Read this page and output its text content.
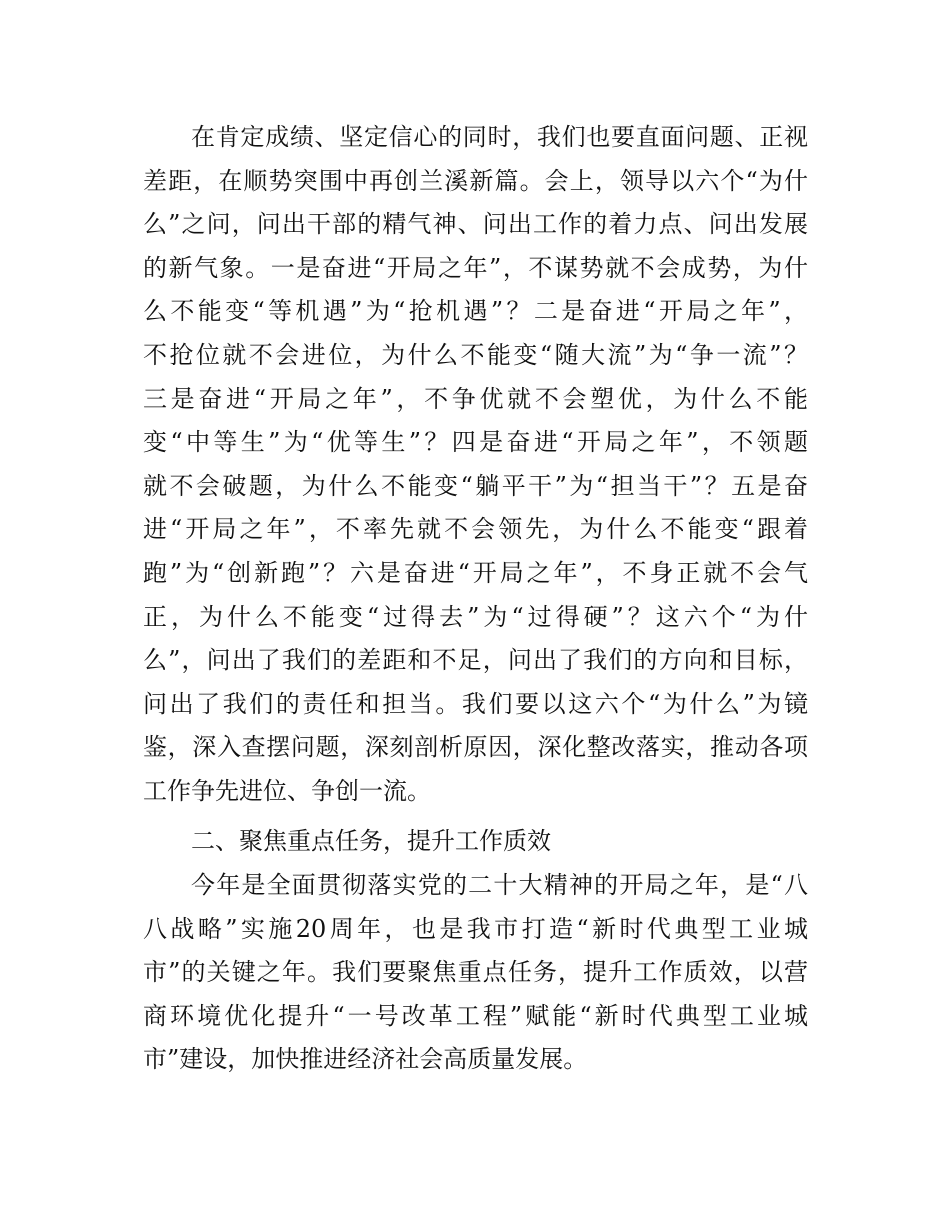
在肯定成绩、坚定信心的同时，我们也要直面问题、正视
差距，在顺势突围中再创兰溪新篇。会上，领导以六个“为什
么”之问，问出干部的精气神、问出工作的着力点、问出发展
的新气象。一是奋进“开局之年”，不谋势就不会成势，为什
么不能变“等机遇”为“抢机遇”？二是奋进“开局之年”，
不抢位就不会进位，为什么不能变“随大流”为“争一流”？
三是奋进“开局之年”，不争优就不会塑优，为什么不能
变“中等生”为“优等生”？四是奋进“开局之年”，不领题
就不会破题，为什么不能变“躺平干”为“担当干”？五是奋
进“开局之年”，不率先就不会领先，为什么不能变“跟着
跑”为“创新跑”？六是奋进“开局之年”，不身正就不会气
正，为什么不能变“过得去”为“过得硬”？这六个“为什
么”，问出了我们的差距和不足，问出了我们的方向和目标，
问出了我们的责任和担当。我们要以这六个“为什么”为镜
鉴，深入查摆问题，深刻剖析原因，深化整改落实，推动各项
工作争先进位、争创一流。
二、聚焦重点任务，提升工作质效
今年是全面贯彻落实党的二十大精神的开局之年，是“八
八战略”实施20周年，也是我市打造“新时代典型工业城
市”的关键之年。我们要聚焦重点任务，提升工作质效，以营
商环境优化提升“一号改革工程”赋能“新时代典型工业城
市”建设，加快推进经济社会高质量发展。
